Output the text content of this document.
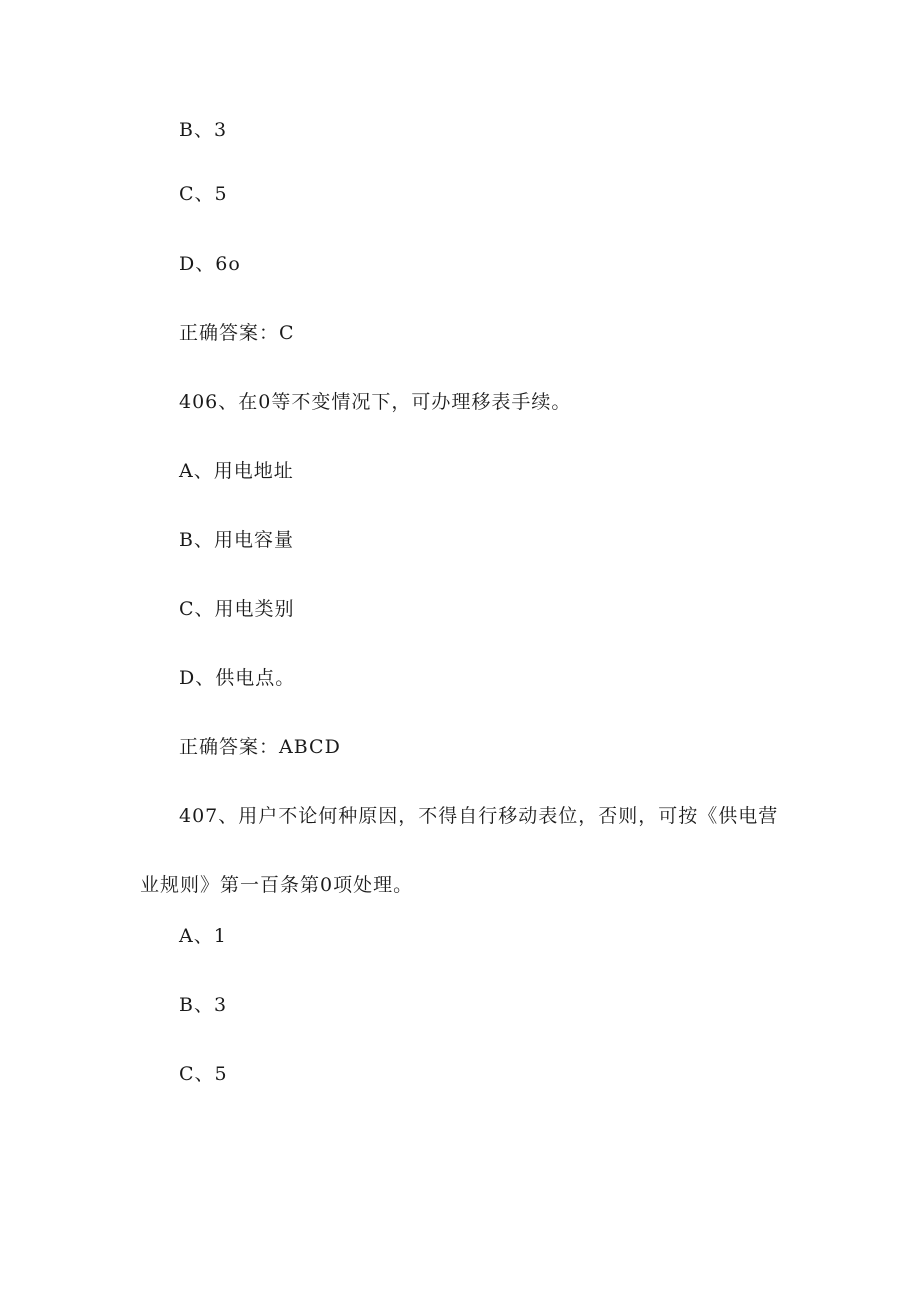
B、3
C、5
D、6o
正确答案：C
406、在0等不变情况下，可办理移表手续。
A、用电地址
B、用电容量
C、用电类别
D、供电点。
正确答案：ABCD
407、用户不论何种原因，不得自行移动表位，否则，可按《供电营业规则》第一百条第0项处理。
A、1
B、3
C、5
